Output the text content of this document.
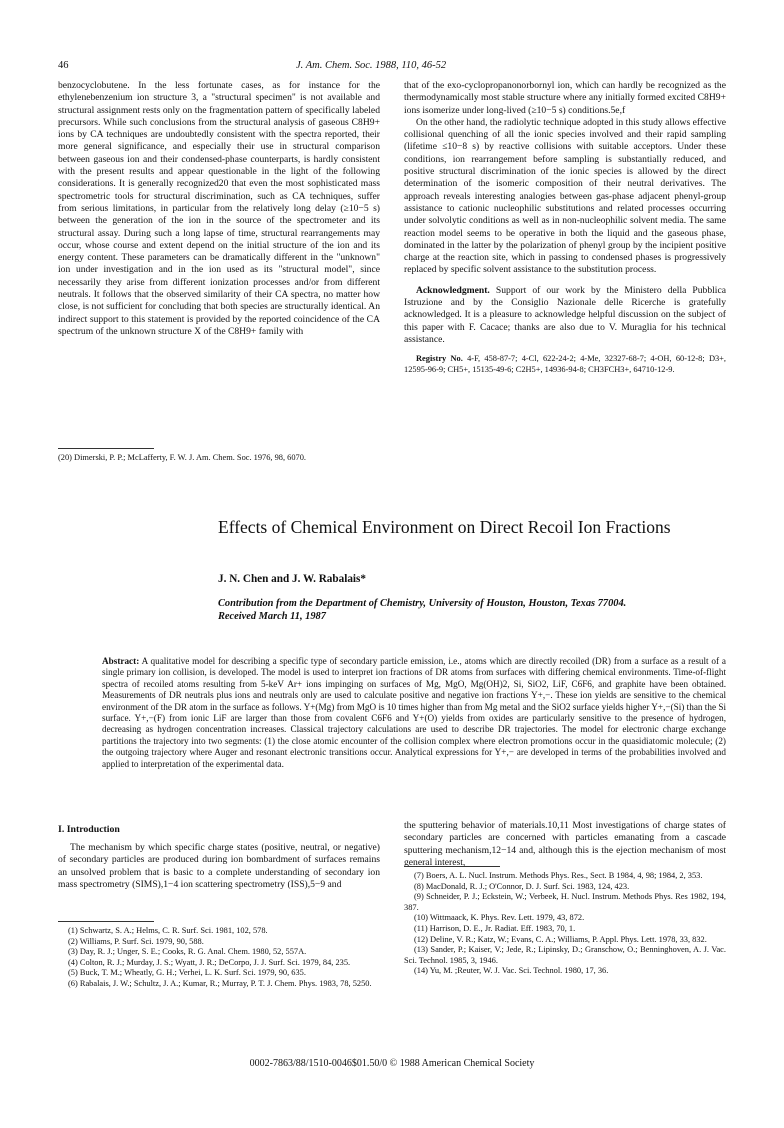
46	J. Am. Chem. Soc. 1988, 110, 46-52

benzocyclobutene. In the less fortunate cases, as for instance for the ethylenebenzenium ion structure 3, a "structural specimen" is not available and structural assignment rests only on the fragmentation pattern of specifically labeled precursors. While such conclusions from the structural analysis of gaseous C8H9+ ions by CA techniques are undoubtedly consistent with the spectra reported, their more general significance, and especially their use in structural comparison between gaseous ion and their condensed-phase counterparts, is hardly consistent with the present results and appear questionable in the light of the following considerations. It is generally recognized20 that even the most sophisticated mass spectrometric tools for structural discrimination, such as CA techniques, suffer from serious limitations, in particular from the relatively long delay (≥10−5 s) between the generation of the ion in the source of the spectrometer and its structural assay. During such a long lapse of time, structural rearrangements may occur, whose course and extent depend on the initial structure of the ion and its energy content. These parameters can be dramatically different in the "unknown" ion under investigation and in the ion used as its "structural model", since necessarily they arise from different ionization processes and/or from different neutrals. It follows that the observed similarity of their CA spectra, no matter how close, is not sufficient for concluding that both species are structurally identical. An indirect support to this statement is provided by the reported coincidence of the CA spectrum of the unknown structure X of the C8H9+ family with

(20) Dimerski, P. P.; McLafferty, F. W. J. Am. Chem. Soc. 1976, 98, 6070.

that of the exo-cyclopropanonorbornyl ion, which can hardly be recognized as the thermodynamically most stable structure where any initially formed excited C8H9+ ions isomerize under long-lived (≥10−5 s) conditions.5e,f

On the other hand, the radiolytic technique adopted in this study allows effective collisional quenching of all the ionic species involved and their rapid sampling (lifetime ≤10−8 s) by reactive collisions with suitable acceptors. Under these conditions, ion rearrangement before sampling is substantially reduced, and positive structural discrimination of the ionic species is allowed by the direct determination of the isomeric composition of their neutral derivatives. The approach reveals interesting analogies between gas-phase adjacent phenyl-group assistance to cationic nucleophilic substitutions and related processes occurring under solvolytic conditions as well as in non-nucleophilic solvent media. The same reaction model seems to be operative in both the liquid and the gaseous phase, dominated in the latter by the polarization of phenyl group by the incipient positive charge at the reaction site, which in passing to condensed phases is progressively replaced by specific solvent assistance to the substitution process.

Acknowledgment. Support of our work by the Ministero della Pubblica Istruzione and by the Consiglio Nazionale delle Ricerche is gratefully acknowledged. It is a pleasure to acknowledge helpful discussion on the subject of this paper with F. Cacace; thanks are also due to V. Muraglia for his technical assistance.

Registry No. 4-F, 458-87-7; 4-Cl, 622-24-2; 4-Me, 32327-68-7; 4-OH, 60-12-8; D3+, 12595-96-9; CH5+, 15135-49-6; C2H5+, 14936-94-8; CH3FCH3+, 64710-12-9.

Effects of Chemical Environment on Direct Recoil Ion Fractions
J. N. Chen and J. W. Rabalais*
Contribution from the Department of Chemistry, University of Houston, Houston, Texas 77004.
Received March 11, 1987
Abstract: A qualitative model for describing a specific type of secondary particle emission, i.e., atoms which are directly recoiled (DR) from a surface as a result of a single primary ion collision, is developed. The model is used to interpret ion fractions of DR atoms from surfaces with differing chemical environments. Time-of-flight spectra of recoiled atoms resulting from 5-keV Ar+ ions impinging on surfaces of Mg, MgO, Mg(OH)2, Si, SiO2, LiF, C6F6, and graphite have been obtained. Measurements of DR neutrals plus ions and neutrals only are used to calculate positive and negative ion fractions Y+,−. These ion yields are sensitive to the chemical environment of the DR atom in the surface as follows. Y+(Mg) from MgO is 10 times higher than from Mg metal and the SiO2 surface yields higher Y+,−(Si) than the Si surface. Y+,−(F) from ionic LiF are larger than those from covalent C6F6 and Y+(O) yields from oxides are particularly sensitive to the presence of hydrogen, decreasing as hydrogen concentration increases. Classical trajectory calculations are used to describe DR trajectories. The model for electronic charge exchange partitions the trajectory into two segments: (1) the close atomic encounter of the collision complex where electron promotions occur in the quasidiatomic molecule; (2) the outgoing trajectory where Auger and resonant electronic transitions occur. Analytical expressions for Y+,− are developed in terms of the probabilities involved and applied to interpretation of the experimental data.
I. Introduction

The mechanism by which specific charge states (positive, neutral, or negative) of secondary particles are produced during ion bombardment of surfaces remains an unsolved problem that is basic to a complete understanding of secondary ion mass spectrometry (SIMS),1−4 ion scattering spectrometry (ISS),5−9 and

the sputtering behavior of materials.10,11 Most investigations of charge states of secondary particles are concerned with particles emanating from a cascade sputtering mechanism,12−14 and, although this is the ejection mechanism of most general interest,

(1) Schwartz, S. A.; Helms, C. R. Surf. Sci. 1981, 102, 578.

(2) Williams, P. Surf. Sci. 1979, 90, 588.

(3) Day, R. J.; Unger, S. E.; Cooks, R. G. Anal. Chem. 1980, 52, 557A.

(4) Colton, R. J.; Murday, J. S.; Wyatt, J. R.; DeCorpo, J. J. Surf. Sci. 1979, 84, 235.

(5) Buck, T. M.; Wheatly, G. H.; Verhei, L. K. Surf. Sci. 1979, 90, 635.

(6) Rabalais, J. W.; Schultz, J. A.; Kumar, R.; Murray, P. T. J. Chem. Phys. 1983, 78, 5250.

(7) Boers, A. L. Nucl. Instrum. Methods Phys. Res., Sect. B 1984, 4, 98; 1984, 2, 353.

(8) MacDonald, R. J.; O'Connor, D. J. Surf. Sci. 1983, 124, 423.

(9) Schneider, P. J.; Eckstein, W.; Verbeek, H. Nucl. Instrum. Methods Phys. Res 1982, 194, 387.

(10) Wittmaack, K. Phys. Rev. Lett. 1979, 43, 872.

(11) Harrison, D. E., Jr. Radiat. Eff. 1983, 70, 1.

(12) Deline, V. R.; Katz, W.; Evans, C. A.; Williams, P. Appl. Phys. Lett. 1978, 33, 832.

(13) Sander, P.; Kaiser, V.; Jede, R.; Lipinsky, D.; Granschow, O.; Benninghoven, A. J. Vac. Sci. Technol. 1985, 3, 1946.

(14) Yu, M. ;Reuter, W. J. Vac. Sci. Technol. 1980, 17, 36.

0002-7863/88/1510-0046$01.50/0 © 1988 American Chemical Society
